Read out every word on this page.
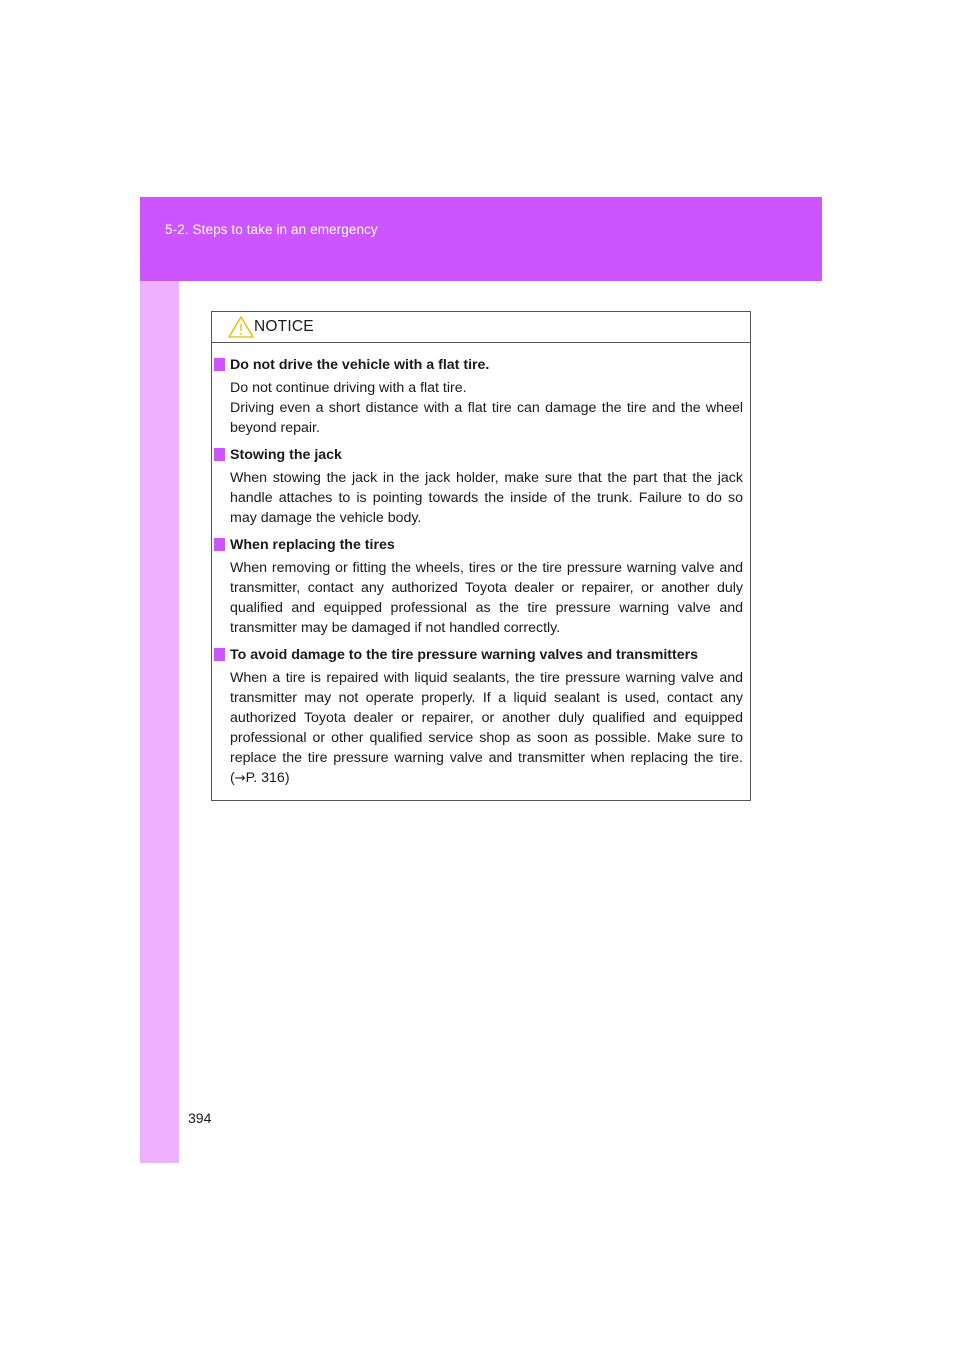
5-2. Steps to take in an emergency
NOTICE
Do not drive the vehicle with a flat tire.

Do not continue driving with a flat tire.

Driving even a short distance with a flat tire can damage the tire and the wheel beyond repair.

Stowing the jack

When stowing the jack in the jack holder, make sure that the part that the jack handle attaches to is pointing towards the inside of the trunk. Failure to do so may damage the vehicle body.

When replacing the tires

When removing or fitting the wheels, tires or the tire pressure warning valve and transmitter, contact any authorized Toyota dealer or repairer, or another duly qualified and equipped professional as the tire pressure warning valve and transmitter may be damaged if not handled correctly.

To avoid damage to the tire pressure warning valves and transmitters

When a tire is repaired with liquid sealants, the tire pressure warning valve and transmitter may not operate properly. If a liquid sealant is used, contact any authorized Toyota dealer or repairer, or another duly qualified and equipped professional or other qualified service shop as soon as possible. Make sure to replace the tire pressure warning valve and transmitter when replacing the tire. (→P. 316)

394
